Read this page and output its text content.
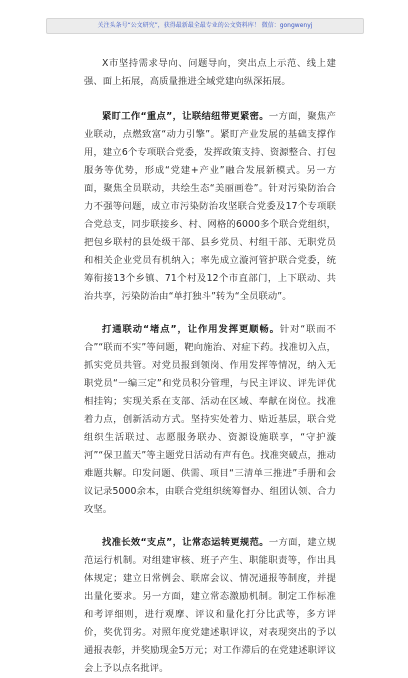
关注头条号“公文研究”，获得最新最全最专业的公文资料库！ 微信：gongwenyj

X市坚持需求导向、问题导向，突出点上示范、线上建强、面上拓展，高质量推进全域党建向纵深拓展。

紧盯工作“重点”，让联结纽带更紧密。一方面，聚焦产业联动，点燃致富“动力引擎”。紧盯产业发展的基础支撑作用，建立6个专项联合党委，发挥政策支持、资源整合、打包服务等优势，形成“党建+产业”融合发展新模式。另一方面，聚焦全员联动，共绘生态“美丽画卷”。针对污染防治合力不强等问题，成立市污染防治攻坚联合党委及17个专项联合党总支，同步联接乡、村、网格的6000多个联合党组织，把包乡联村的县处级干部、县乡党员、村组干部、无职党员和相关企业党员有机纳入；率先成立漩河管护联合党委，统筹衔接13个乡镇、71个村及12个市直部门，上下联动、共治共享，污染防治由“单打独斗”转为“全员联动”。

打通联动“堵点”，让作用发挥更顺畅。针对“联而不合”“联而不实”等问题，靶向施治、对症下药。找准切入点，抓实党员共管。对党员报到领岗、作用发挥等情况，纳入无职党员“一编三定”和党员积分管理，与民主评议、评先评优相挂钩；实现关系在支部、活动在区域、奉献在岗位。找准着力点，创新活动方式。坚持实处着力、贴近基层，联合党组织生活联过、志愿服务联办、资源设施联享，“守护漩河”“保卫蓝天”等主题党日活动有声有色。找准突破点，推动难题共解。印发问题、供需、项目“三清单三推进”手册和会议记录5000余本，由联合党组织统筹督办、组团认领、合力攻坚。

找准长效“支点”，让常态运转更规范。一方面，建立规范运行机制。对组建审核、班子产生、职能职责等，作出具体规定；建立日常例会、联席会议、情况通报等制度，并提出量化要求。另一方面，建立常态激励机制。制定工作标准和考评细则，进行观摩、评议和量化打分比武等，多方评价，奖优罚劣。对照年度党建述职评议，对表现突出的予以通报表彰，并奖励现金5万元；对工作滞后的在党建述职评议会上予以点名批评。
